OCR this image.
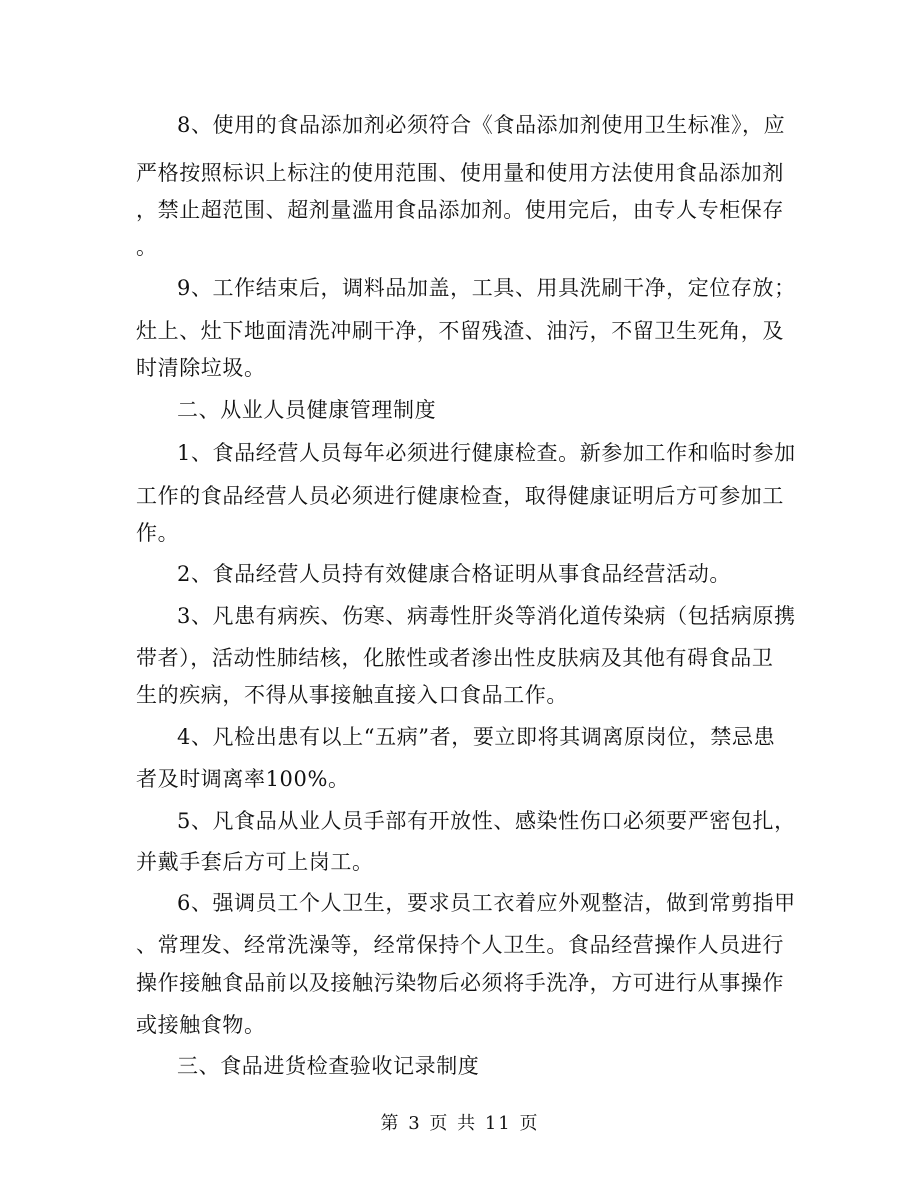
8、使用的食品添加剂必须符合《食品添加剂使用卫生标准》，应
严格按照标识上标注的使用范围、使用量和使用方法使用食品添加剂
，禁止超范围、超剂量滥用食品添加剂。使用完后，由专人专柜保存
。
9、工作结束后，调料品加盖，工具、用具洗刷干净，定位存放；
灶上、灶下地面清洗冲刷干净，不留残渣、油污，不留卫生死角，及
时清除垃圾。
二、从业人员健康管理制度
1、食品经营人员每年必须进行健康检查。新参加工作和临时参加
工作的食品经营人员必须进行健康检查，取得健康证明后方可参加工
作。
2、食品经营人员持有效健康合格证明从事食品经营活动。
3、凡患有病疾、伤寒、病毒性肝炎等消化道传染病（包括病原携
带者），活动性肺结核，化脓性或者渗出性皮肤病及其他有碍食品卫
生的疾病，不得从事接触直接入口食品工作。
4、凡检出患有以上“五病”者，要立即将其调离原岗位，禁忌患
者及时调离率100%。
5、凡食品从业人员手部有开放性、感染性伤口必须要严密包扎，
并戴手套后方可上岗工。
6、强调员工个人卫生，要求员工衣着应外观整洁，做到常剪指甲
、常理发、经常洗澡等，经常保持个人卫生。食品经营操作人员进行
操作接触食品前以及接触污染物后必须将手洗净，方可进行从事操作
或接触食物。
三、食品进货检查验收记录制度
第 3 页 共 11 页
